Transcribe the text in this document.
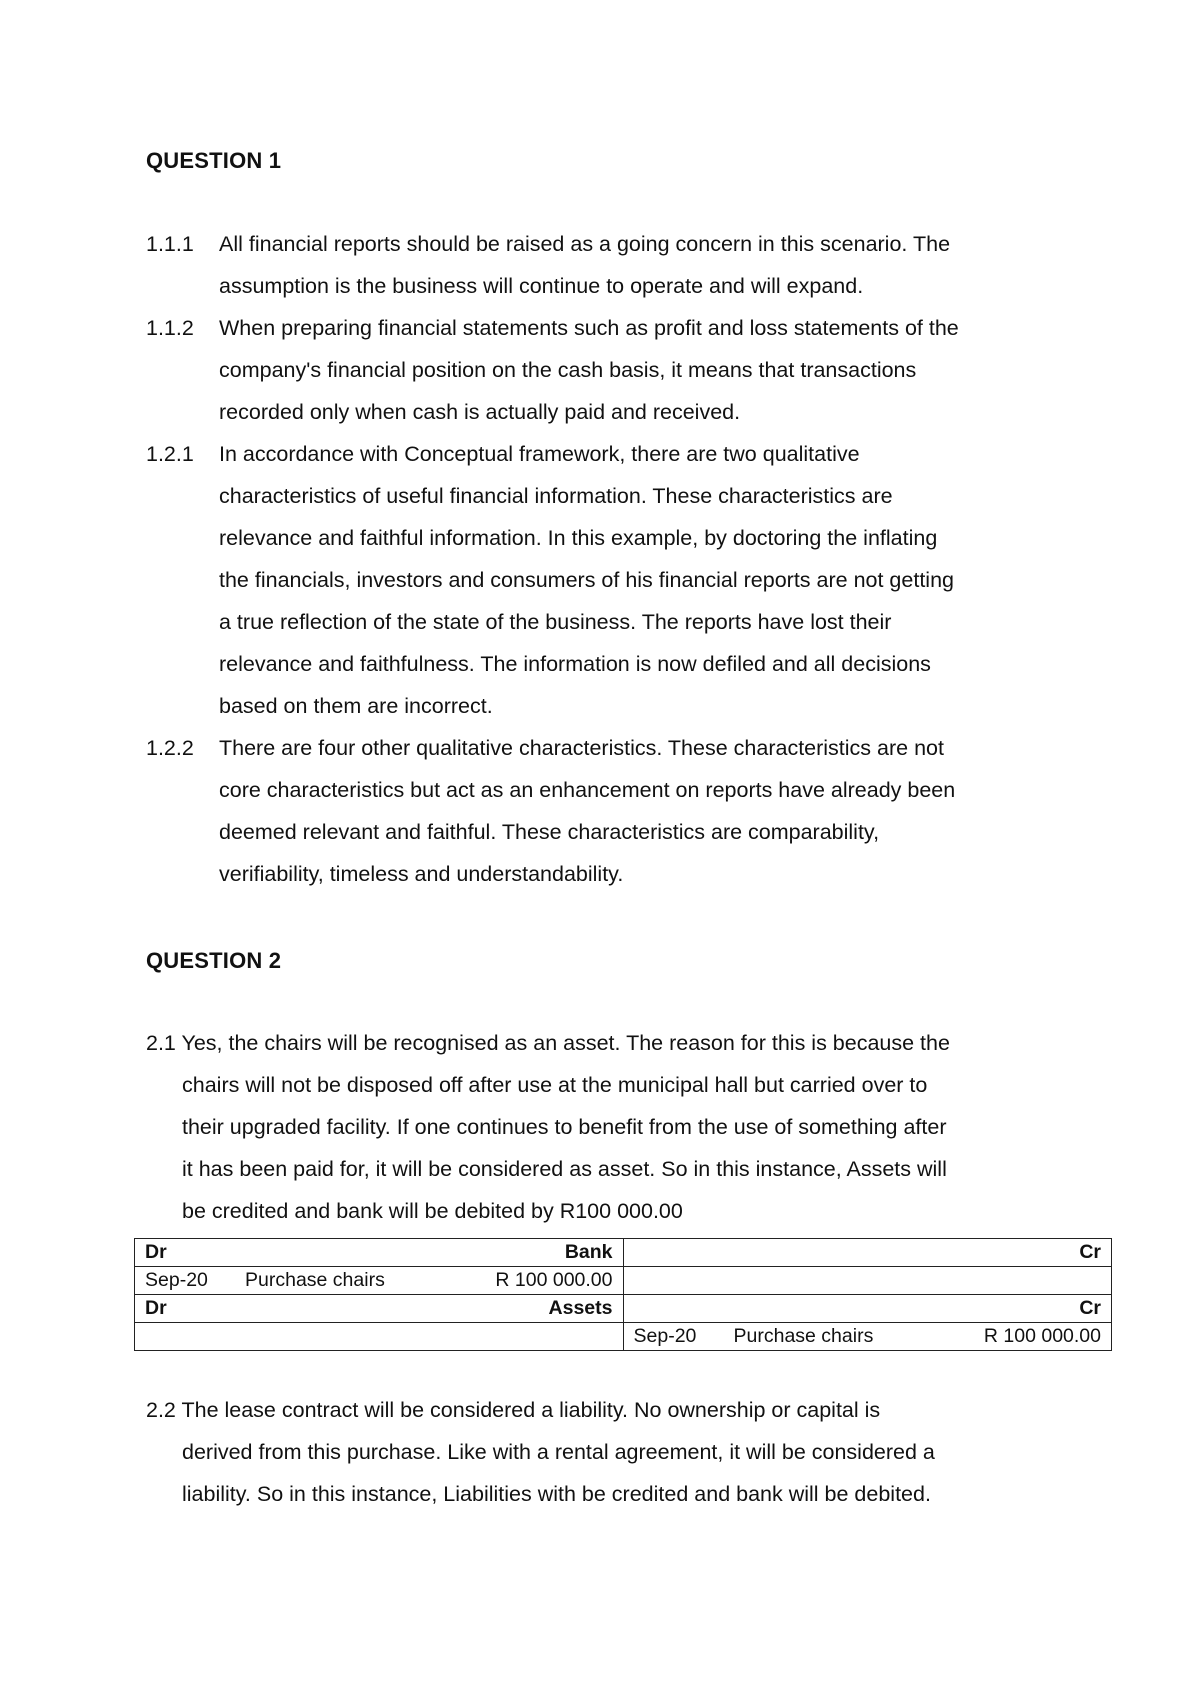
QUESTION 1
1.1.1 All financial reports should be raised as a going concern in this scenario. The
assumption is the business will continue to operate and will expand.
1.1.2 When preparing financial statements such as profit and loss statements of the
company's financial position on the cash basis, it means that transactions
recorded only when cash is actually paid and received.
1.2.1 In accordance with Conceptual framework, there are two qualitative
characteristics of useful financial information. These characteristics are
relevance and faithful information. In this example, by doctoring the inflating
the financials, investors and consumers of his financial reports are not getting
a true reflection of the state of the business. The reports have lost their
relevance and faithfulness. The information is now defiled and all decisions
based on them are incorrect.
1.2.2 There are four other qualitative characteristics. These characteristics are not
core characteristics but act as an enhancement on reports have already been
deemed relevant and faithful. These characteristics are comparability,
verifiability, timeless and understandability.
QUESTION 2
2.1 Yes, the chairs will be recognised as an asset. The reason for this is because the
chairs will not be disposed off after use at the municipal hall but carried over to
their upgraded facility. If one continues to benefit from the use of something after
it has been paid for, it will be considered as asset. So in this instance, Assets will
be credited and bank will be debited by R100 000.00
Dr Bank	Cr

Sep-20 Purchase chairs R 100 000.00	

Dr Assets	Cr

	Sep-20 Purchase chairs R 100 000.00
2.2 The lease contract will be considered a liability. No ownership or capital is
derived from this purchase. Like with a rental agreement, it will be considered a
liability. So in this instance, Liabilities with be credited and bank will be debited.
